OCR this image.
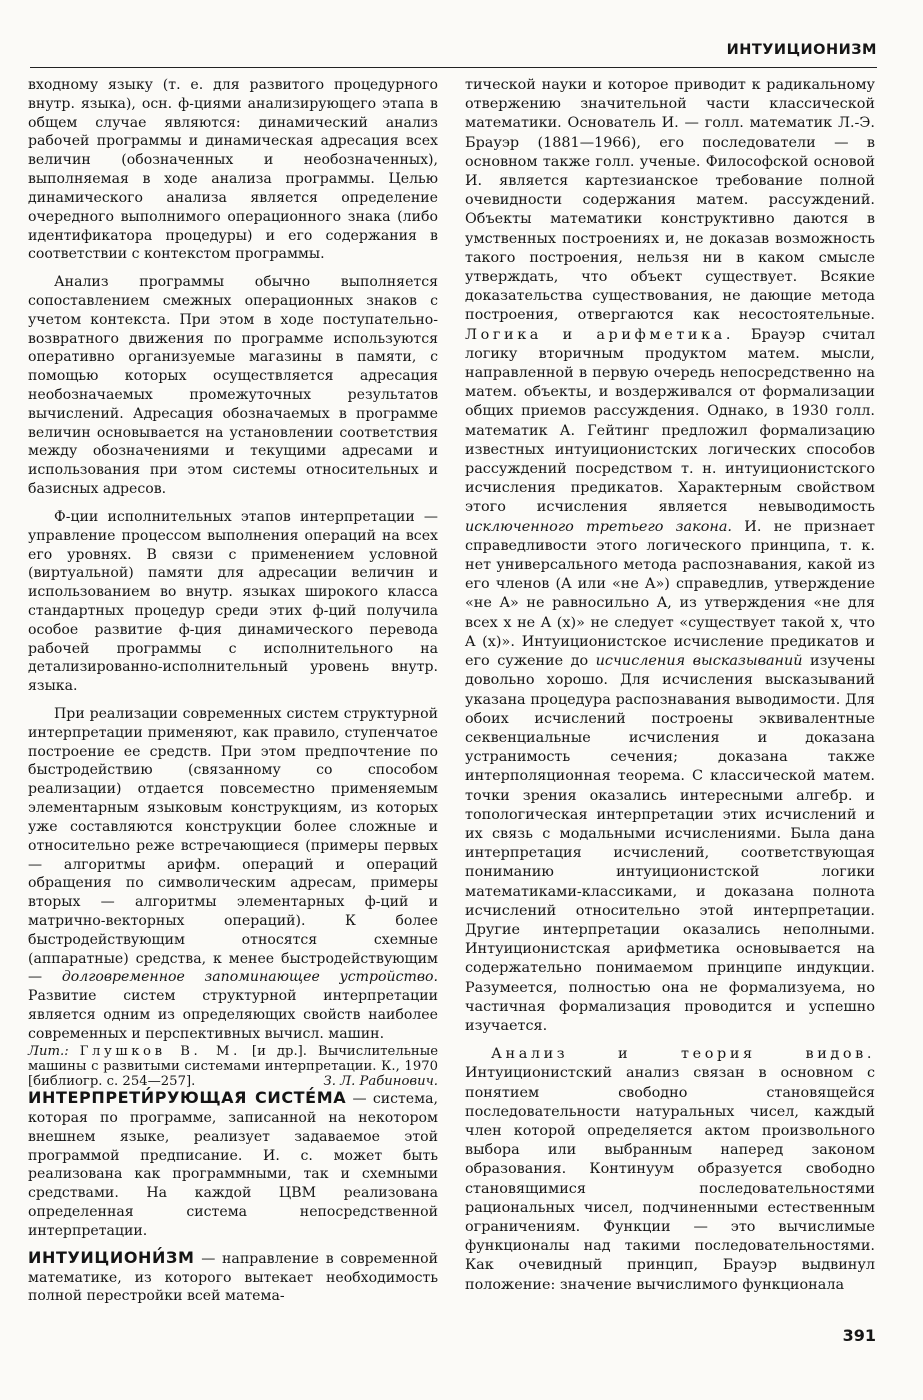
ИНТУИЦИОНИЗМ

входному языку (т. е. для развитого процедурного внутр. языка), осн. ф-циями анализирующего этапа в общем случае являются: динамический анализ рабочей программы и динамическая адресация всех величин (обозначенных и необозначенных), выполняемая в ходе анализа программы. Целью динамического анализа является определение очередного выполнимого операционного знака (либо идентификатора процедуры) и его содержания в соответствии с контекстом программы.

Анализ программы обычно выполняется сопоставлением смежных операционных знаков с учетом контекста. При этом в ходе поступательно-возвратного движения по программе используются оперативно организуемые магазины в памяти, с помощью которых осуществляется адресация необозначаемых промежуточных результатов вычислений. Адресация обозначаемых в программе величин основывается на установлении соответствия между обозначениями и текущими адресами и использования при этом системы относительных и базисных адресов.

Ф-ции исполнительных этапов интерпретации — управление процессом выполнения операций на всех его уровнях. В связи с применением условной (виртуальной) памяти для адресации величин и использованием во внутр. языках широкого класса стандартных процедур среди этих ф-ций получила особое развитие ф-ция динамического перевода рабочей программы с исполнительного на детализированно-исполнительный уровень внутр. языка.

При реализации современных систем структурной интерпретации применяют, как правило, ступенчатое построение ее средств. При этом предпочтение по быстродействию (связанному со способом реализации) отдается повсеместно применяемым элементарным языковым конструкциям, из которых уже составляются конструкции более сложные и относительно реже встречающиеся (примеры первых — алгоритмы арифм. операций и операций обращения по символическим адресам, примеры вторых — алгоритмы элементарных ф-ций и матрично-векторных операций). К более быстродействующим относятся схемные (аппаратные) средства, к менее быстродействующим — долговременное запоминающее устройство. Развитие систем структурной интерпретации является одним из определяющих свойств наиболее современных и перспективных вычисл. машин.

Лит.: Глушков В. М. [и др.]. Вычислительные машины с развитыми системами интерпретации. К., 1970 [библиогр. с. 254—257].	З. Л. Рабинович.

ИНТЕРПРЕТИ́РУЮЩАЯ СИСТЕ́МА — система, которая по программе, записанной на некотором внешнем языке, реализует задаваемое этой программой предписание. И. с. может быть реализована как программными, так и схемными средствами. На каждой ЦВМ реализована определенная система непосредственной интерпретации.

ИНТУИЦИОНИ́ЗМ — направление в современной математике, из которого вытекает необходимость полной перестройки всей матема-

тической науки и которое приводит к радикальному отвержению значительной части классической математики. Основатель И. — голл. математик Л.-Э. Брауэр (1881—1966), его последователи — в основном также голл. ученые. Философской основой И. является картезианское требование полной очевидности содержания матем. рассуждений. Объекты математики конструктивно даются в умственных построениях и, не доказав возможность такого построения, нельзя ни в каком смысле утверждать, что объект существует. Всякие доказательства существования, не дающие метода построения, отвергаются как несостоятельные. Логика и арифметика. Брауэр считал логику вторичным продуктом матем. мысли, направленной в первую очередь непосредственно на матем. объекты, и воздерживался от формализации общих приемов рассуждения. Однако, в 1930 голл. математик А. Гейтинг предложил формализацию известных интуиционистских логических способов рассуждений посредством т. н. интуиционистского исчисления предикатов. Характерным свойством этого исчисления является невыводимость исключенного третьего закона. И. не признает справедливости этого логического принципа, т. к. нет универсального метода распознавания, какой из его членов (A или «не A») справедлив, утверждение «не A» не равносильно A, из утверждения «не для всех x не A (x)» не следует «существует такой x, что A (x)». Интуиционистское исчисление предикатов и его сужение до исчисления высказываний изучены довольно хорошо. Для исчисления высказываний указана процедура распознавания выводимости. Для обоих исчислений построены эквивалентные секвенциальные исчисления и доказана устранимость сечения; доказана также интерполяционная теорема. С классической матем. точки зрения оказались интересными алгебр. и топологическая интерпретации этих исчислений и их связь с модальными исчислениями. Была дана интерпретация исчислений, соответствующая пониманию интуиционистской логики математиками-классиками, и доказана полнота исчислений относительно этой интерпретации. Другие интерпретации оказались неполными. Интуиционистская арифметика основывается на содержательно понимаемом принципе индукции. Разумеется, полностью она не формализуема, но частичная формализация проводится и успешно изучается.

Анализ и теория видов. Интуиционистский анализ связан в основном с понятием свободно становящейся последовательности натуральных чисел, каждый член которой определяется актом произвольного выбора или выбранным наперед законом образования. Континуум образуется свободно становящимися последовательностями рациональных чисел, подчиненными естественным ограничениям. Функции — это вычислимые функционалы над такими последовательностями. Как очевидный принцип, Брауэр выдвинул положение: значение вычислимого функционала

391
